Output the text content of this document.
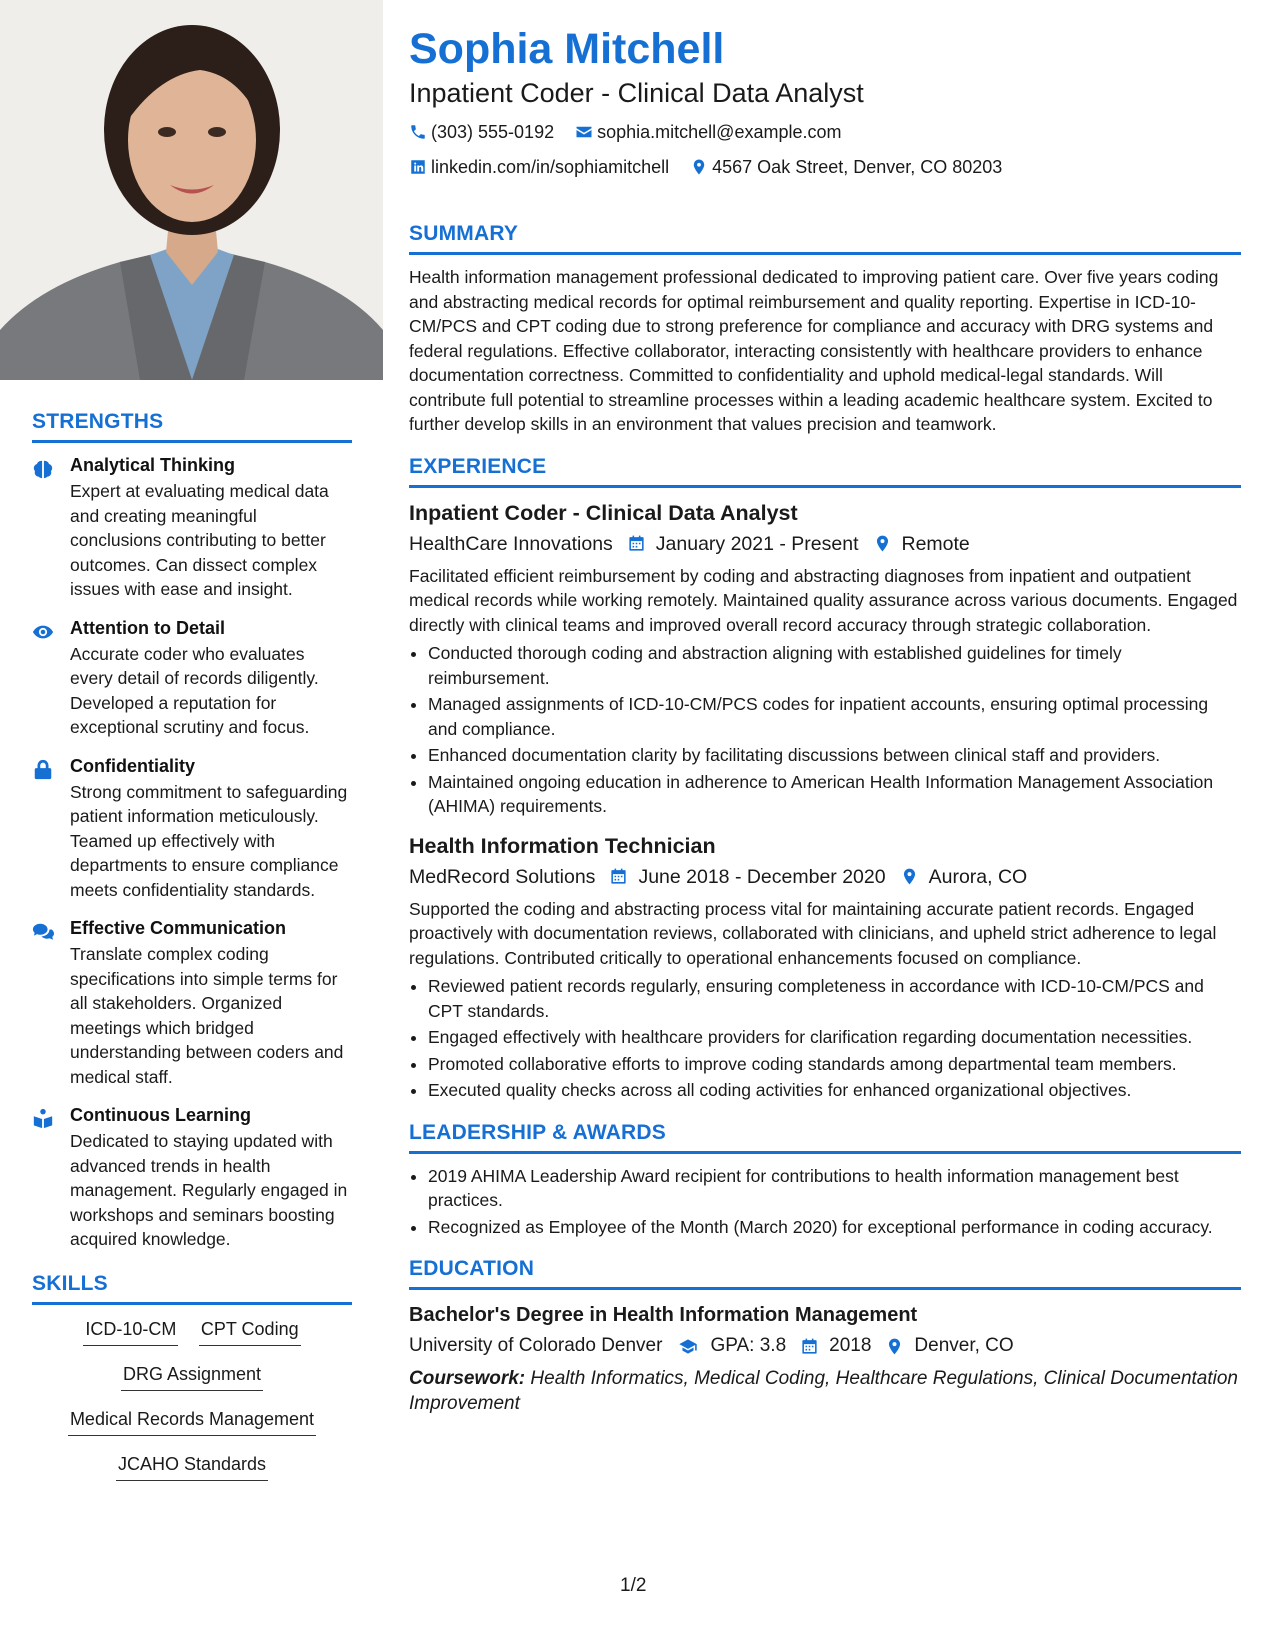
STRENGTHS
Analytical Thinking
Expert at evaluating medical data and creating meaningful conclusions contributing to better outcomes. Can dissect complex issues with ease and insight.
Attention to Detail
Accurate coder who evaluates every detail of records diligently. Developed a reputation for exceptional scrutiny and focus.
Confidentiality
Strong commitment to safeguarding patient information meticulously. Teamed up effectively with departments to ensure compliance meets confidentiality standards.
Effective Communication
Translate complex coding specifications into simple terms for all stakeholders. Organized meetings which bridged understanding between coders and medical staff.
Continuous Learning
Dedicated to staying updated with advanced trends in health management. Regularly engaged in workshops and seminars boosting acquired knowledge.
SKILLS
ICD-10-CM CPT Coding
DRG Assignment
Medical Records Management
JCAHO Standards
Sophia Mitchell
Inpatient Coder - Clinical Data Analyst
(303) 555-0192
sophia.mitchell@example.com
linkedin.com/in/sophiamitchell
4567 Oak Street, Denver, CO 80203
SUMMARY
Health information management professional dedicated to improving patient care. Over five years coding and abstracting medical records for optimal reimbursement and quality reporting. Expertise in ICD-10-CM/PCS and CPT coding due to strong preference for compliance and accuracy with DRG systems and federal regulations. Effective collaborator, interacting consistently with healthcare providers to enhance documentation correctness. Committed to confidentiality and uphold medical-legal standards. Will contribute full potential to streamline processes within a leading academic healthcare system. Excited to further develop skills in an environment that values precision and teamwork.
EXPERIENCE
Inpatient Coder - Clinical Data Analyst
HealthCare Innovations January 2021 - Present Remote
Facilitated efficient reimbursement by coding and abstracting diagnoses from inpatient and outpatient medical records while working remotely. Maintained quality assurance across various documents. Engaged directly with clinical teams and improved overall record accuracy through strategic collaboration.
• Conducted thorough coding and abstraction aligning with established guidelines for timely reimbursement.
• Managed assignments of ICD-10-CM/PCS codes for inpatient accounts, ensuring optimal processing and compliance.
• Enhanced documentation clarity by facilitating discussions between clinical staff and providers.
• Maintained ongoing education in adherence to American Health Information Management Association (AHIMA) requirements.
Health Information Technician
MedRecord Solutions June 2018 - December 2020 Aurora, CO
Supported the coding and abstracting process vital for maintaining accurate patient records. Engaged proactively with documentation reviews, collaborated with clinicians, and upheld strict adherence to legal regulations. Contributed critically to operational enhancements focused on compliance.
• Reviewed patient records regularly, ensuring completeness in accordance with ICD-10-CM/PCS and CPT standards.
• Engaged effectively with healthcare providers for clarification regarding documentation necessities.
• Promoted collaborative efforts to improve coding standards among departmental team members.
• Executed quality checks across all coding activities for enhanced organizational objectives.
LEADERSHIP & AWARDS
• 2019 AHIMA Leadership Award recipient for contributions to health information management best practices.
• Recognized as Employee of the Month (March 2020) for exceptional performance in coding accuracy.
EDUCATION
Bachelor's Degree in Health Information Management
University of Colorado Denver	GPA: 3.8 2018 Denver, CO
Coursework: Health Informatics, Medical Coding, Healthcare Regulations, Clinical Documentation Improvement
1/2
